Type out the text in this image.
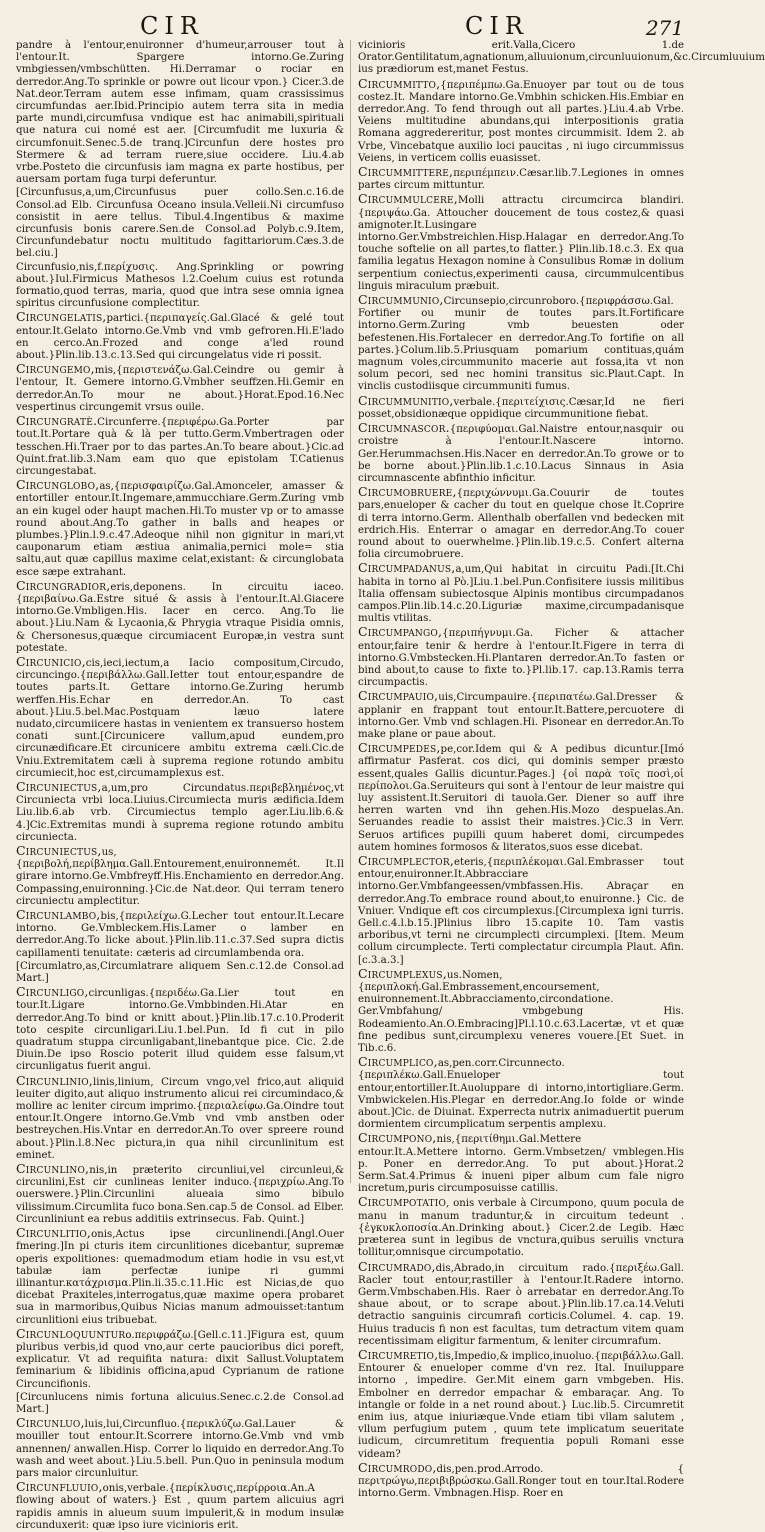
CIR	CIR	271

pandre à l'entour,enuironner d'humeur,arrouser tout à l'entour.It. Spargere intorno.Ge.Zuring vmbgiessen/vmbschütten. Hi.Derramar o rociar en derredor.Ang.To sprinkle or powre out licour vpon.} Cicer.3.de Nat.deor.Terram autem esse infimam, quam crassissimus circumfundas aer.Ibid.Principio autem terra sita in media parte mundi,circumfusa vndique est hac animabili,spirituali que natura cui nomé est aer. [Circumfudit me luxuria & circumfonuit.Senec.5.de tranq.]Circunfun dere hostes pro Stermere & ad terram ruere,siue occidere. Liu.4.ab vrbe.Posteto die circunfusis iam magna ex parte hostibus, per auersam portam fuga turpi deferuntur.

[Circunfusus,a,um,Circunfusus puer collo.Sen.c.16.de Consol.ad Elb. Circunfusa Oceano insula.Velleii.Ni circumfuso consistit in aere tellus. Tibul.4.Ingentibus & maxime circunfusis bonis carere.Sen.de Consol.ad Polyb.c.9.Item, Circunfundebatur noctu multitudo fagittariorum.Cæs.3.de bel.ciu.]

Circunfusio,nis,f.περίχυσις. Ang.Sprinkling or powring about.}Iul.Firmicus Mathesos l.2.Coelum cuius est rotunda formatio,quod terras, maria, quod que intra sese omnia ignea spiritus circunfusione complectitur.

Circungelatis,partici.{περιπαγείς.Gal.Glacé & gelé tout entour.It.Gelato intorno.Ge.Vmb vnd vmb gefroren.Hi.E'lado en cerco.An.Frozed and conge a'led round about.}Plin.lib.13.c.13.Sed qui circungelatus vide ri possit.

Circungemo,mis,{περιστενάζω.Gal.Ceindre ou gemir à l'entour, It. Gemere intorno.G.Vmbher seuffzen.Hi.Gemir en derredor.An.To mour ne about.}Horat.Epod.16.Nec vespertinus circungemit vrsus ouile.

Circungratè.Circunferre.{περιφέρω.Ga.Porter par tout.It.Portare quà & là per tutto.Germ.Vmbertragen oder tesschen.Hi.Traer por to das partes.An.To beare about.}Cic.ad Quint.frat.lib.3.Nam eam quo que epistolam T.Catienus circungestabat.

Circunglobo,as,{περισφαιρίζω.Gal.Amonceler, amasser & entortiller entour.It.Ingemare,ammucchiare.Germ.Zuring vmb an ein kugel oder haupt machen.Hi.To muster vp or to amasse round about.Ang.To gather in balls and heapes or plumbes.}Plin.l.9.c.47.Adeoque nihil non gignitur in mari,vt cauponarum etiam æstiua animalia,pernici mole= stia saltu,aut quæ capillus maxime celat,existant: & circunglobata esce sæpe extrahant.

Circungradior,eris,deponens. In circuitu iaceo.{περιβαίνω.Ga.Estre situé & assis à l'entour.It.Al.Giacere intorno.Ge.Vmbligen.His. Iacer en cerco. Ang.To lie about.}Liu.Nam & Lycaonia,& Phrygia vtraque Pisidia omnis, & Chersonesus,quæque circumiacent Europæ,in vestra sunt potestate.

Circunicio,cis,ieci,iectum,a Iacio compositum,Circudo, circuncingo.{περιβάλλω.Gall.Ietter tout entour,espandre de toutes parts.It. Gettare intorno.Ge.Zuring herumb werffen.His.Echar en derredor.An. To cast about.}Liu.5.bel.Mac.Postquam læuo latere nudato,circumiicere hastas in venientem ex transuerso hostem conati sunt.[Circunicere vallum,apud eundem,pro circunædificare.Et circunicere ambitu extrema cæli.Cic.de Vniu.Extremitatem cæli à suprema regione rotundo ambitu circumiecit,hoc est,circumamplexus est.

Circuniectus,a,um,pro Circundatus.περιβεβλημένος,vt Circuniecta vrbi loca.Liuius.Circumiecta muris ædificia.Idem Liu.lib.6.ab vrb. Circumiectus templo ager.Liu.lib.6.& 4.]Cic.Extremitas mundi à suprema regione rotundo ambitu circuniecta.

Circuniectus,us,{περιβολή,περίβλημα.Gall.Entourement,enuironnemét. It.Il girare intorno.Ge.Vmbfreyff.His.Enchamiento en derredor.Ang. Compassing,enuironning.}Cic.de Nat.deor. Qui terram tenero circuniectu amplectitur.

Circunlambo,bis,{περιλείχω.G.Lecher tout entour.It.Lecare intorno. Ge.Vmbleckem.His.Lamer o lamber en derredor.Ang.To licke about.}Plin.lib.11.c.37.Sed supra dictis capillamenti tenuitate: cæteris ad circumlambenda ora.

[Circumlatro,as,Circumlatrare aliquem Sen.c.12.de Consol.ad Mart.]

Circunligo,circunligas.{περιδέω.Ga.Lier tout en tour.It.Ligare intorno.Ge.Vmbbinden.Hi.Atar en derredor.Ang.To bind or knitt about.}Plin.lib.17.c.10.Proderit toto cespite circunligari.Liu.1.bel.Pun. Id fi cut in pilo quadratum stuppa circunligabant,linebantque pice. Cic. 2.de Diuin.De ipso Roscio poterit illud quidem esse falsum,vt circunligatus fuerit angui.

Circunlinio,linis,linium, Circum vngo,vel frico,aut aliquid leuiter digito,aut aliquo instrumento alicui rei circumindaco,& mollire ac leniter circum imprimo.{περιαλείφω.Ga.Oindre tout entour.It.Ongere intorno.Ge.Vmb vnd vmb anstben oder bestreychen.His.Vntar en derredor.An.To over spreere round about.}Plin.l.8.Nec pictura,in qua nihil circunlinitum est eminet.

Circunlino,nis,in præterito circunliui,vel circunleui,& circunlini,Est cir cunlineas leniter induco.{περιχρίω.Ang.To ouerswere.}Plin.Circunlini alueaia simo bibulo vilissimum.Circumlita fuco bona.Sen.cap.5 de Consol. ad Elber. Circunliniunt ea rebus additiis extrinsecus. Fab. Quint.]

Circunlitio,onis,Actus ipse circunlinendi.[Angl.Ouer fmering.]In pi cturis item circunlitiones dicebantur, supremæ operis expolitiones: quemadmodum etiam hodie in vsu est,vt tabulæ iam perfectæ iunipe ri gummi illinantur.κατάχρισμα.Plin.li.35.c.11.Hic est Nicias,de quo dicebat Praxiteles,interrogatus,quæ maxime opera probaret sua in marmoribus,Quibus Nicias manum admouisset:tantum circunlitioni eius tribuebat.

Circunloquunturo.περιφράζω.[Gell.c.11.]Figura est, quum pluribus verbis,id quod vno,aur certe paucioribus dici poreft, explicatur. Vt ad requifita natura: dixit Sallust.Voluptatem feminarium & libidinis officina,apud Cyprianum de ratione Circuncifionis.

[Circunlucens nimis fortuna alicuius.Senec.c.2.de Consol.ad Mart.]

Circunluo,luis,lui,Circunfluo.{περικλύζω.Gal.Lauer & mouiller tout entour.It.Scorrere intorno.Ge.Vmb vnd vmb annennen/ anwallen.Hisp. Correr lo liquido en derredor.Ang.To wash and weet about.}Liu.5.bell. Pun.Quo in peninsula modum pars maior circunluitur.

Circunfluuio,onis,verbale.{περίκλυσις,περίρροια.An.A flowing about of waters.} Est , quum partem alicuius agri rapidis amnis in alueum suum impulerit,& in modum insulæ circunduxerit: quæ ipso iure vicinioris erit.

vicinioris erit.Valla,Cicero 1.de Orator.Gentilitatum,agnationum,alluuionum,circunluuionum,&c.Circumluuium ius prædiorum est,manet Festus.

Circummitto,{περιπέμπω.Ga.Enuoyer par tout ou de tous costez.It. Mandare intorno.Ge.Vmbhin schicken.His.Embiar en derredor.Ang. To fend through out all partes.}Liu.4.ab Vrbe. Veiens multitudine abundans,qui interpositionis gratia Romana aggredereritur, post montes circummisit. Idem 2. ab Vrbe, Vincebatque auxilio loci paucitas , ni iugo circummissus Veiens, in verticem collis euasisset.

Circummittere,περιπέμπειν.Cæsar.lib.7.Legiones in omnes partes circum mittuntur.

Circummulcere,Molli attractu circumcirca blandiri.{περιψάω.Ga. Attoucher doucement de tous costez,& quasi amignoter.It.Lusingare intorno.Ger.Vmbstreichlen.Hisp.Halagar en derredor.Ang.To touche softelie on all partes,to flatter.} Plin.lib.18.c.3. Ex qua familia legatus Hexagon nomine à Consulibus Romæ in dolium serpentium coniectus,experimenti causa, circummulcentibus linguis miraculum præbuit.

Circummunio,Circunsepio,circunroboro.{περιφράσσω.Gal. Fortifier ou munir de toutes pars.It.Fortificare intorno.Germ.Zuring vmb beuesten oder befestenen.His.Fortalecer en derredor.Ang.To fortifie on all partes.}Colum.lib.5.Priusquam pomarium contituas,quám magnum voles,circummunito macerie aut fossa,ita vt non solum pecori, sed nec homini transitus sic.Plaut.Capt. In vinclis custodiisque circummuniti fumus.

Circummunitio,verbale.{περιτείχισις.Cæsar,Id ne fieri posset,obsidionæque oppidique circummunitione fiebat.

Circumnascor.{περιφύομαι.Gal.Naistre entour,nasquir ou croistre à l'entour.It.Nascere intorno. Ger.Herummachsen.His.Nacer en derredor.An.To growe or to be borne about.}Plin.lib.1.c.10.Lacus Sinnaus in Asia circumnascente abfinthio inficitur.

Circumobruere,{περιχώννυμι.Ga.Couurir de toutes pars,enueloper & cacher du tout en quelque chose It.Coprire di terra intorno.Germ. Allenthalb oberfallen vnd bedecken mit erdrich.His. Enterrar o amagar en derredor.Ang.To couer round about to ouerwhelme.}Plin.lib.19.c.5. Confert alterna folia circumobruere.

Circumpadanus,a,um,Qui habitat in circuitu Padi.[It.Chi habita in torno al Pò.]Liu.1.bel.Pun.Confisitere iussis militibus Italia offensam subiectosque Alpinis montibus circumpadanos campos.Plin.lib.14.c.20.Liguriæ maxime,circumpadanisque multis vtilitas.

Circumpango,{περιπήγνυμι.Ga. Ficher & attacher entour,faire tenir & herdre à l'entour.It.Figere in terra di intorno.G.Vmbstecken.Hi.Plantaren derredor.An.To fasten or bind about,to cause to fixte to.}Pl.lib.17. cap.13.Ramis terra circumpactis.

Circumpauio,uis,Circumpauire.{περιπατέω.Gal.Dresser & applanir en frappant tout entour.It.Battere,percuotere di intorno.Ger. Vmb vnd schlagen.Hi. Pisonear en derredor.An.To make plane or paue about.

Circumpedes,pe,cor.Idem qui & A pedibus dicuntur.[Imó affirmatur Pasferat. cos dici, qui dominis semper præsto essent,quales Gallis dicuntur.Pages.] {οἱ παρὰ τοῖς ποσὶ,οἱ περίπολοι.Ga.Seruiteurs qui sont à l'entour de leur maistre qui luy assistent.It.Seruitori di tauola.Ger. Diener so auff ihre herren warten vnd ihn gehen.His.Mozo despuelas.An. Seruandes readie to assist their maistres.}Cic.3 in Verr. Seruos artifices pupilli quum haberet domi, circumpedes autem homines formosos & literatos,suos esse dicebat.

Circumplector,eteris,{περιπλέκομαι.Gal.Embrasser tout entour,enuironner.It.Abbracciare intorno.Ger.Vmbfangeessen/vmbfassen.His. Abraçar en derredor.Ang.To embrace round about,to enuironne.} Cic. de Vniuer. Vndique eft cos circumplexus.[Circumplexa igni turris. Gell.c.4.l.b.15.]Plinius libro 15.capite 10. Tam vastis arboribus,vt terni ne circumplecti circumplexi. [Item. Meum collum circumplecte. Terti complectatur circumpla Plaut. Afin.[c.3.a.3.]

Circumplexus,us.Nomen,{περιπλοκή.Gal.Embrassement,encoursement, enuironnement.It.Abbracciamento,circondatione. Ger.Vmbfahung/ vmbgebung His. Rodeamiento.An.O.Embracing]Pl.l.10.c.63.Lacertæ, vt et quæ fine pedibus sunt,circumplexu veneres vouere.[Et Suet. in Tib.c.6.

Circumplico,as,pen.corr.Circunnecto.{περιπλέκω.Gall.Enueloper tout entour,entortiller.It.Auoluppare di intorno,intortigliare.Germ. Vmbwickelen.His.Plegar en derredor.Ang.Io folde or winde about.]Cic. de Diuinat. Experrecta nutrix animaduertit puerum dormientem circumplicatum serpentis amplexu.

Circumpono,nis,{περιτίθημι.Gal.Mettere entour.It.A.Mettere intorno. Germ.Vmbsetzen/ vmblegen.His p. Poner en derredor.Ang. To put about.}Horat.2 Serm.Sat.4.Primus & inueni piper album cum fale nigro incretum,puris circumposuisse catillis.

Circumpotatio, onis verbale à Circumpono, quum pocula de manu in manum traduntur,& in circuitum tedeunt .{ἐγκυκλοποσία.An.Drinking about.} Cicer.2.de Legib. Hæc præterea sunt in legibus de vnctura,quibus seruilis vnctura tollitur,omnisque circumpotatio.

Circumrado,dis,Abrado,in circuitum rado.{περιξέω.Gall. Racler tout entour,rastiller à l'entour.It.Radere intorno. Germ.Vmbschaben.His. Raer ò arrebatar en derredor.Ang.To shaue about, or to scrape about.}Plin.lib.17.ca.14.Veluti detractio sanguinis circumrafi corticis.Columel. 4. cap. 19. Huius traducis fi non est facultas, tum detractum vitem quam recentissimam eligitur farmentum, & leniter circumrafum.

Circumretio,tis,Impedio,& implico,inuoluo.{περιβάλλω.Gall. Entourer & enueloper comme d'vn rez. Ital. Inuiluppare intorno , impedire. Ger.Mit einem garn vmbgeben. His. Embolner en derredor empachar & embaraçar. Ang. To intangle or folde in a net round about.} Luc.lib.5. Circumretit enim ius, atque iniuriæque.Vnde etiam tibi vllam salutem , vllum perfugium putem , quum tete implicatum seueritate iudicum, circumretitum frequentia populi Romani esse videam?

Circumrodo,dis,pen.prod.Arrodo. { περιτρώγω,περιβιβρώσκω.Gall.Ronger tout en tour.Ital.Rodere intorno.Germ. Vmbnagen.Hisp. Roer en
